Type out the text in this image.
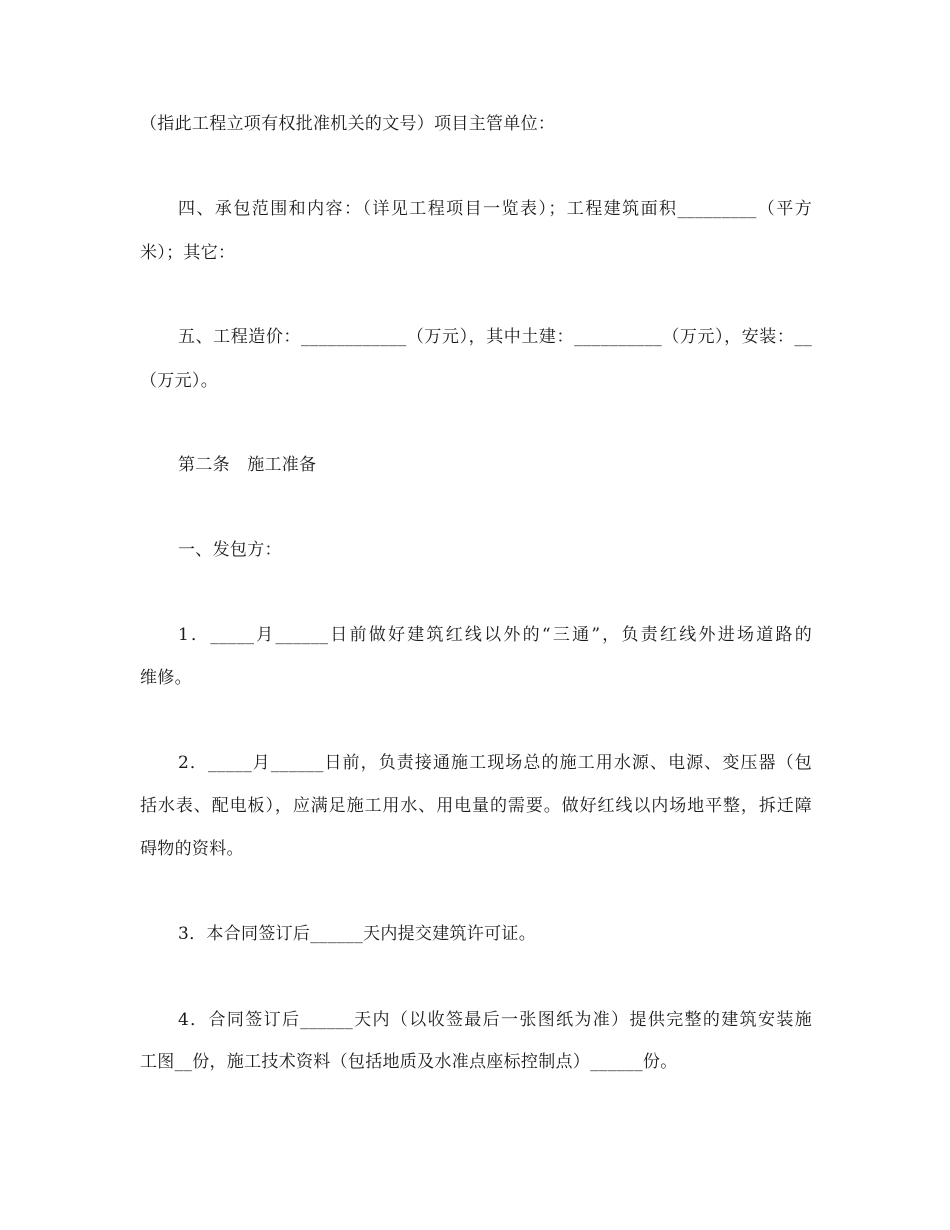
（指此工程立项有权批准机关的文号）项目主管单位：
四、承包范围和内容：（详见工程项目一览表）；工程建筑面积_________（平方
米）；其它：
五、工程造价：____________（万元），其中土建：__________（万元），安装：__
（万元）。
第二条　施工准备
一、发包方：
1．_____月______日前做好建筑红线以外的“三通”，负责红线外进场道路的
维修。
2．_____月______日前，负责接通施工现场总的施工用水源、电源、变压器（包
括水表、配电板），应满足施工用水、用电量的需要。做好红线以内场地平整，拆迁障
碍物的资料。
3．本合同签订后______天内提交建筑许可证。
4．合同签订后______天内（以收签最后一张图纸为准）提供完整的建筑安装施
工图__份，施工技术资料（包括地质及水准点座标控制点）______份。
